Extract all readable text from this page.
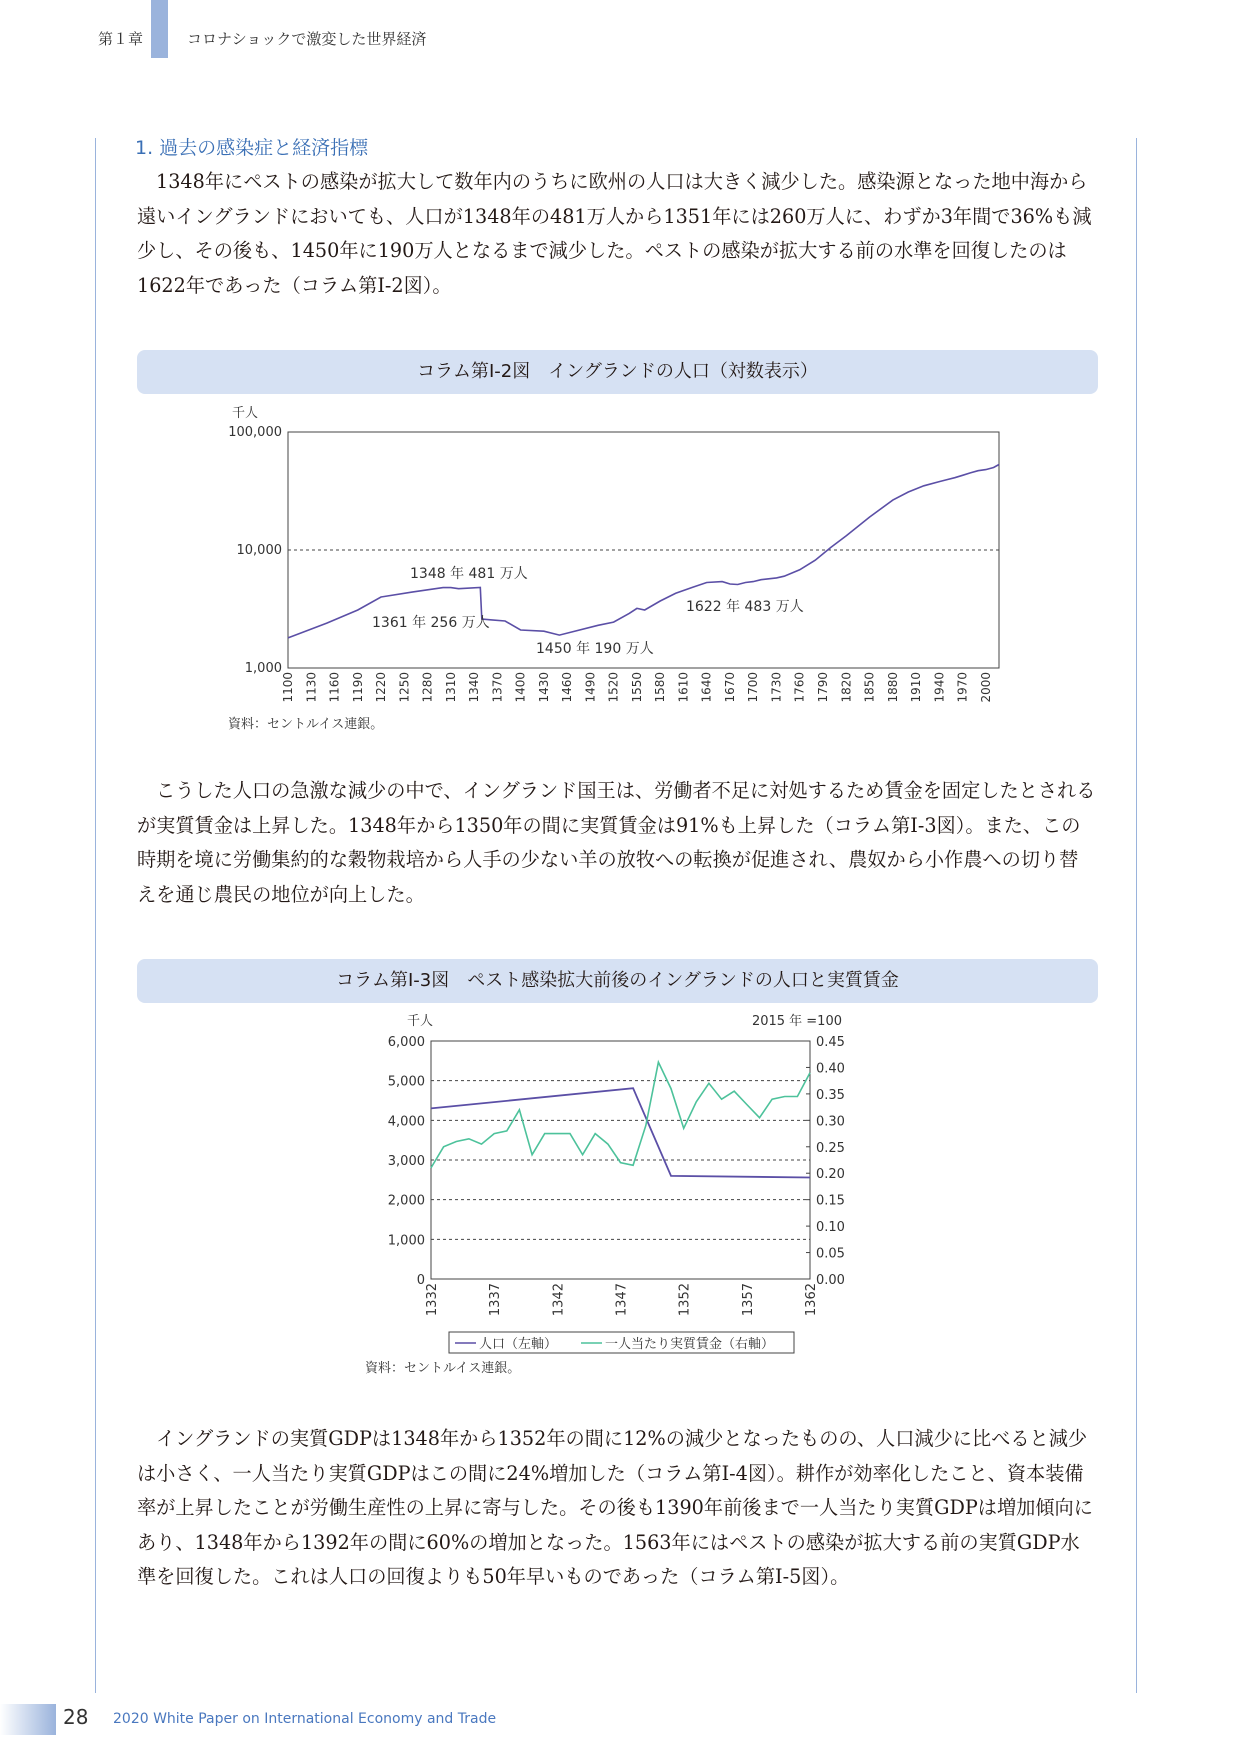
第１章	コロナショックで激変した世界経済
1. 過去の感染症と経済指標

1348年にペストの感染が拡大して数年内のうちに欧州の人口は大きく減少した。感染源となった地中海から遠いイングランドにおいても、人口が1348年の481万人から1351年には260万人に、わずか3年間で36%も減少し、その後も、1450年に190万人となるまで減少した。ペストの感染が拡大する前の水準を回復したのは1622年であった（コラム第Ⅰ-2図）。

コラム第Ⅰ-2図　イングランドの人口（対数表示）
千人
100,000
10,000
1,000
1100 1130 1160 1190 1220 1250 1280 1310 1340 1370 1400 1430 1460 1490 1520 1550 1580 1610 1640 1670 1700 1730 1760 1790 1820 1850 1880 1910 1940 1970 2000
1348 年 481 万人
1361 年 256 万人
1450 年 190 万人
1622 年 483 万人
資料：セントルイス連銀。

こうした人口の急激な減少の中で、イングランド国王は、労働者不足に対処するため賃金を固定したとされるが実質賃金は上昇した。1348年から1350年の間に実質賃金は91%も上昇した（コラム第Ⅰ-3図）。また、この時期を境に労働集約的な穀物栽培から人手の少ない羊の放牧への転換が促進され、農奴から小作農への切り替えを通じ農民の地位が向上した。

コラム第Ⅰ-3図　ペスト感染拡大前後のイングランドの人口と実質賃金
千人	2015 年 =100
0
1,000
2,000
3,000
4,000
5,000
6,000
0.00
0.05
0.10
0.15
0.20
0.25
0.30
0.35
0.40
0.45
1332	1337	1342	1347	1352	1357	1362
人口（左軸）	一人当たり実質賃金（右軸）
資料：セントルイス連銀。

イングランドの実質GDPは1348年から1352年の間に12%の減少となったものの、人口減少に比べると減少は小さく、一人当たり実質GDPはこの間に24%増加した（コラム第Ⅰ-4図）。耕作が効率化したこと、資本装備率が上昇したことが労働生産性の上昇に寄与した。その後も1390年前後まで一人当たり実質GDPは増加傾向にあり、1348年から1392年の間に60%の増加となった。1563年にはペストの感染が拡大する前の実質GDP水準を回復した。これは人口の回復よりも50年早いものであった（コラム第Ⅰ-5図）。

28 2020 White Paper on International Economy and Trade
